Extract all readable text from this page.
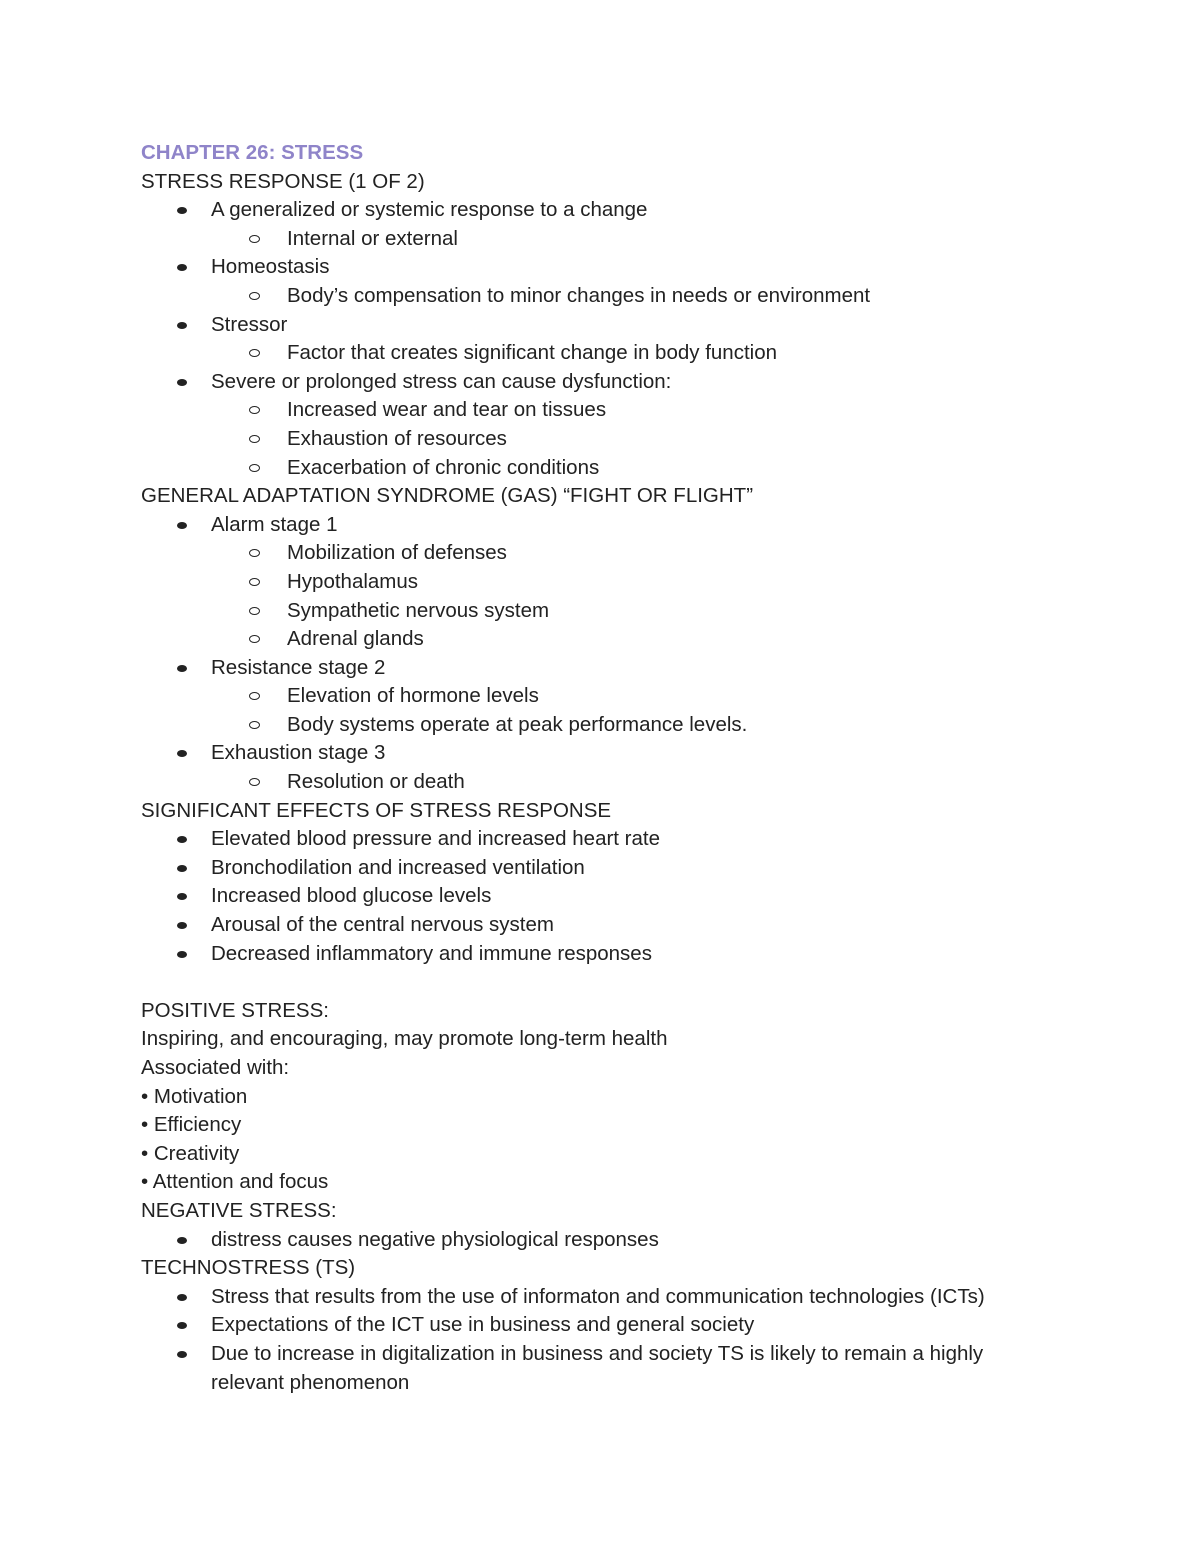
CHAPTER 26: STRESS
STRESS RESPONSE (1 OF 2)
A generalized or systemic response to a change
Internal or external
Homeostasis
Body’s compensation to minor changes in needs or environment
Stressor
Factor that creates significant change in body function
Severe or prolonged stress can cause dysfunction:
Increased wear and tear on tissues
Exhaustion of resources
Exacerbation of chronic conditions
GENERAL ADAPTATION SYNDROME (GAS) “FIGHT OR FLIGHT”
Alarm stage 1
Mobilization of defenses
Hypothalamus
Sympathetic nervous system
Adrenal glands
Resistance stage 2
Elevation of hormone levels
Body systems operate at peak performance levels.
Exhaustion stage 3
Resolution or death
SIGNIFICANT EFFECTS OF STRESS RESPONSE
Elevated blood pressure and increased heart rate
Bronchodilation and increased ventilation
Increased blood glucose levels
Arousal of the central nervous system
Decreased inflammatory and immune responses
POSITIVE STRESS:
Inspiring, and encouraging, may promote long-term health
Associated with:
• Motivation
• Efficiency
• Creativity
• Attention and focus
NEGATIVE STRESS:
distress causes negative physiological responses
TECHNOSTRESS (TS)
Stress that results from the use of informaton and communication technologies (ICTs)
Expectations of the ICT use in business and general society
Due to increase in digitalization in business and society TS is likely to remain a highly relevant phenomenon
